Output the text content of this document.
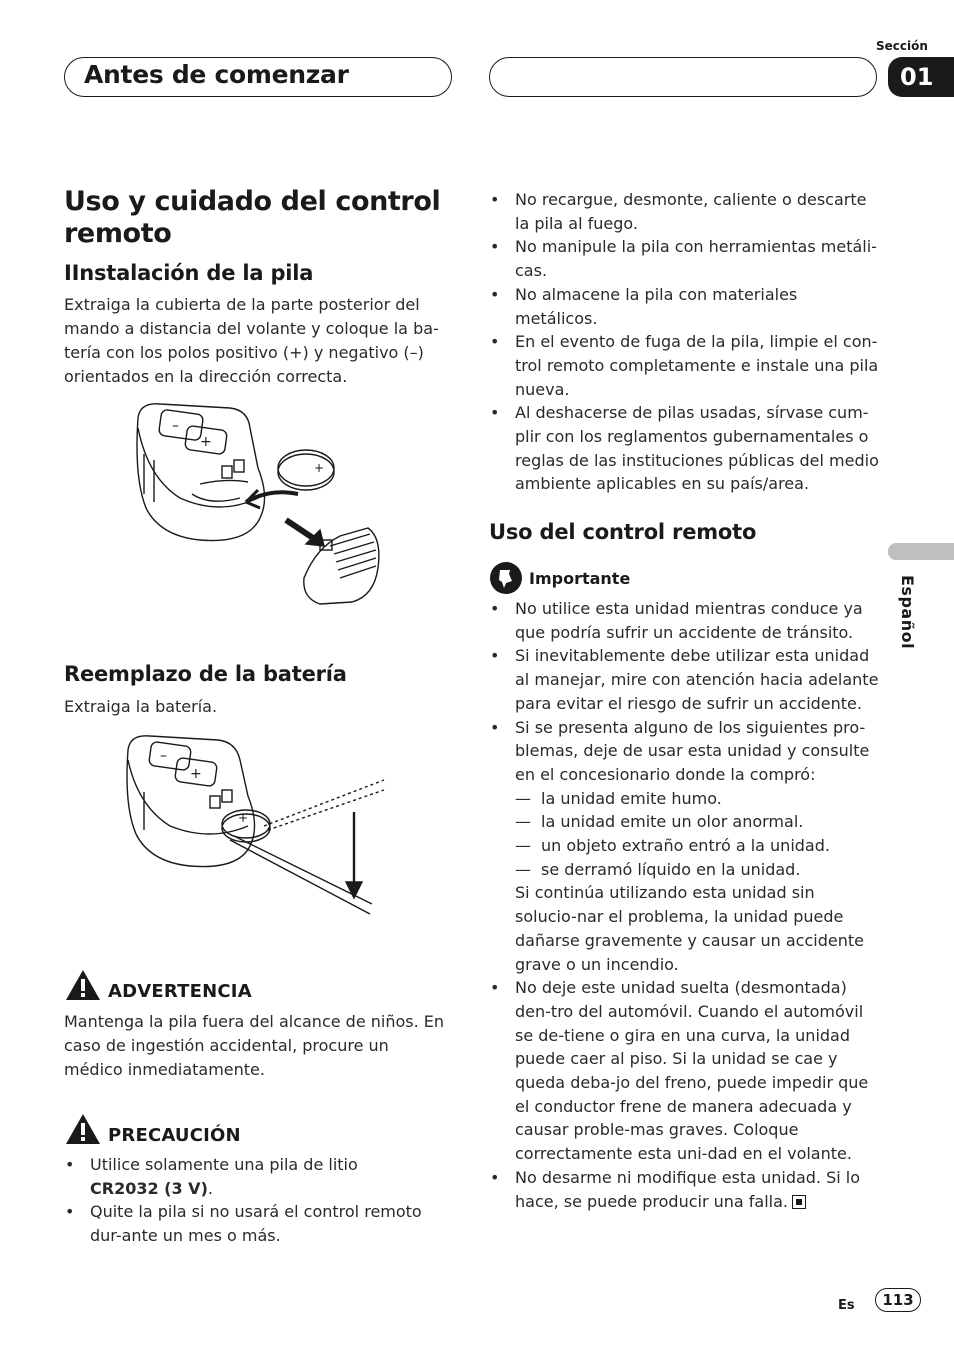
Antes de comenzar
Sección
01
Uso y cuidado del control remoto
IInstalación de la pila
Extraiga la cubierta de la parte posterior del mando a distancia del volante y coloque la ba-tería con los polos positivo (+) y negativo (–) orientados en la dirección correcta.
–
+
+
Reemplazo de la batería
Extraiga la batería.
–
+
+
ADVERTENCIA
Mantenga la pila fuera del alcance de niños. En caso de ingestión accidental, procure un médico inmediatamente.
PRECAUCIÓN
• Utilice solamente una pila de litio
CR2032 (3 V).
• Quite la pila si no usará el control remoto dur-ante un mes o más.
• No recargue, desmonte, caliente o descarte la pila al fuego.
• No manipule la pila con herramientas metáli-cas.
• No almacene la pila con materiales metálicos.
• En el evento de fuga de la pila, limpie el con-trol remoto completamente e instale una pila nueva.
• Al deshacerse de pilas usadas, sírvase cum-plir con los reglamentos gubernamentales o reglas de las instituciones públicas del medio ambiente aplicables en su país/area.
Uso del control remoto
Importante
• No utilice esta unidad mientras conduce ya que podría sufrir un accidente de tránsito.
• Si inevitablemente debe utilizar esta unidad al manejar, mire con atención hacia adelante para evitar el riesgo de sufrir un accidente.
• Si se presenta alguno de los siguientes pro-blemas, deje de usar esta unidad y consulte en el concesionario donde la compró:
— la unidad emite humo.
— la unidad emite un olor anormal.
— un objeto extraño entró a la unidad.
— se derramó líquido en la unidad.
Si continúa utilizando esta unidad sin solucio-nar el problema, la unidad puede dañarse gravemente y causar un accidente grave o un incendio.
• No deje este unidad suelta (desmontada) den-tro del automóvil. Cuando el automóvil se de-tiene o gira en una curva, la unidad puede caer al piso. Si la unidad se cae y queda deba-jo del freno, puede impedir que el conductor frene de manera adecuada y causar proble-mas graves. Coloque correctamente esta uni-dad en el volante.
• No desarme ni modifique esta unidad. Si lo hace, se puede producir una falla.
Español
Es	113
